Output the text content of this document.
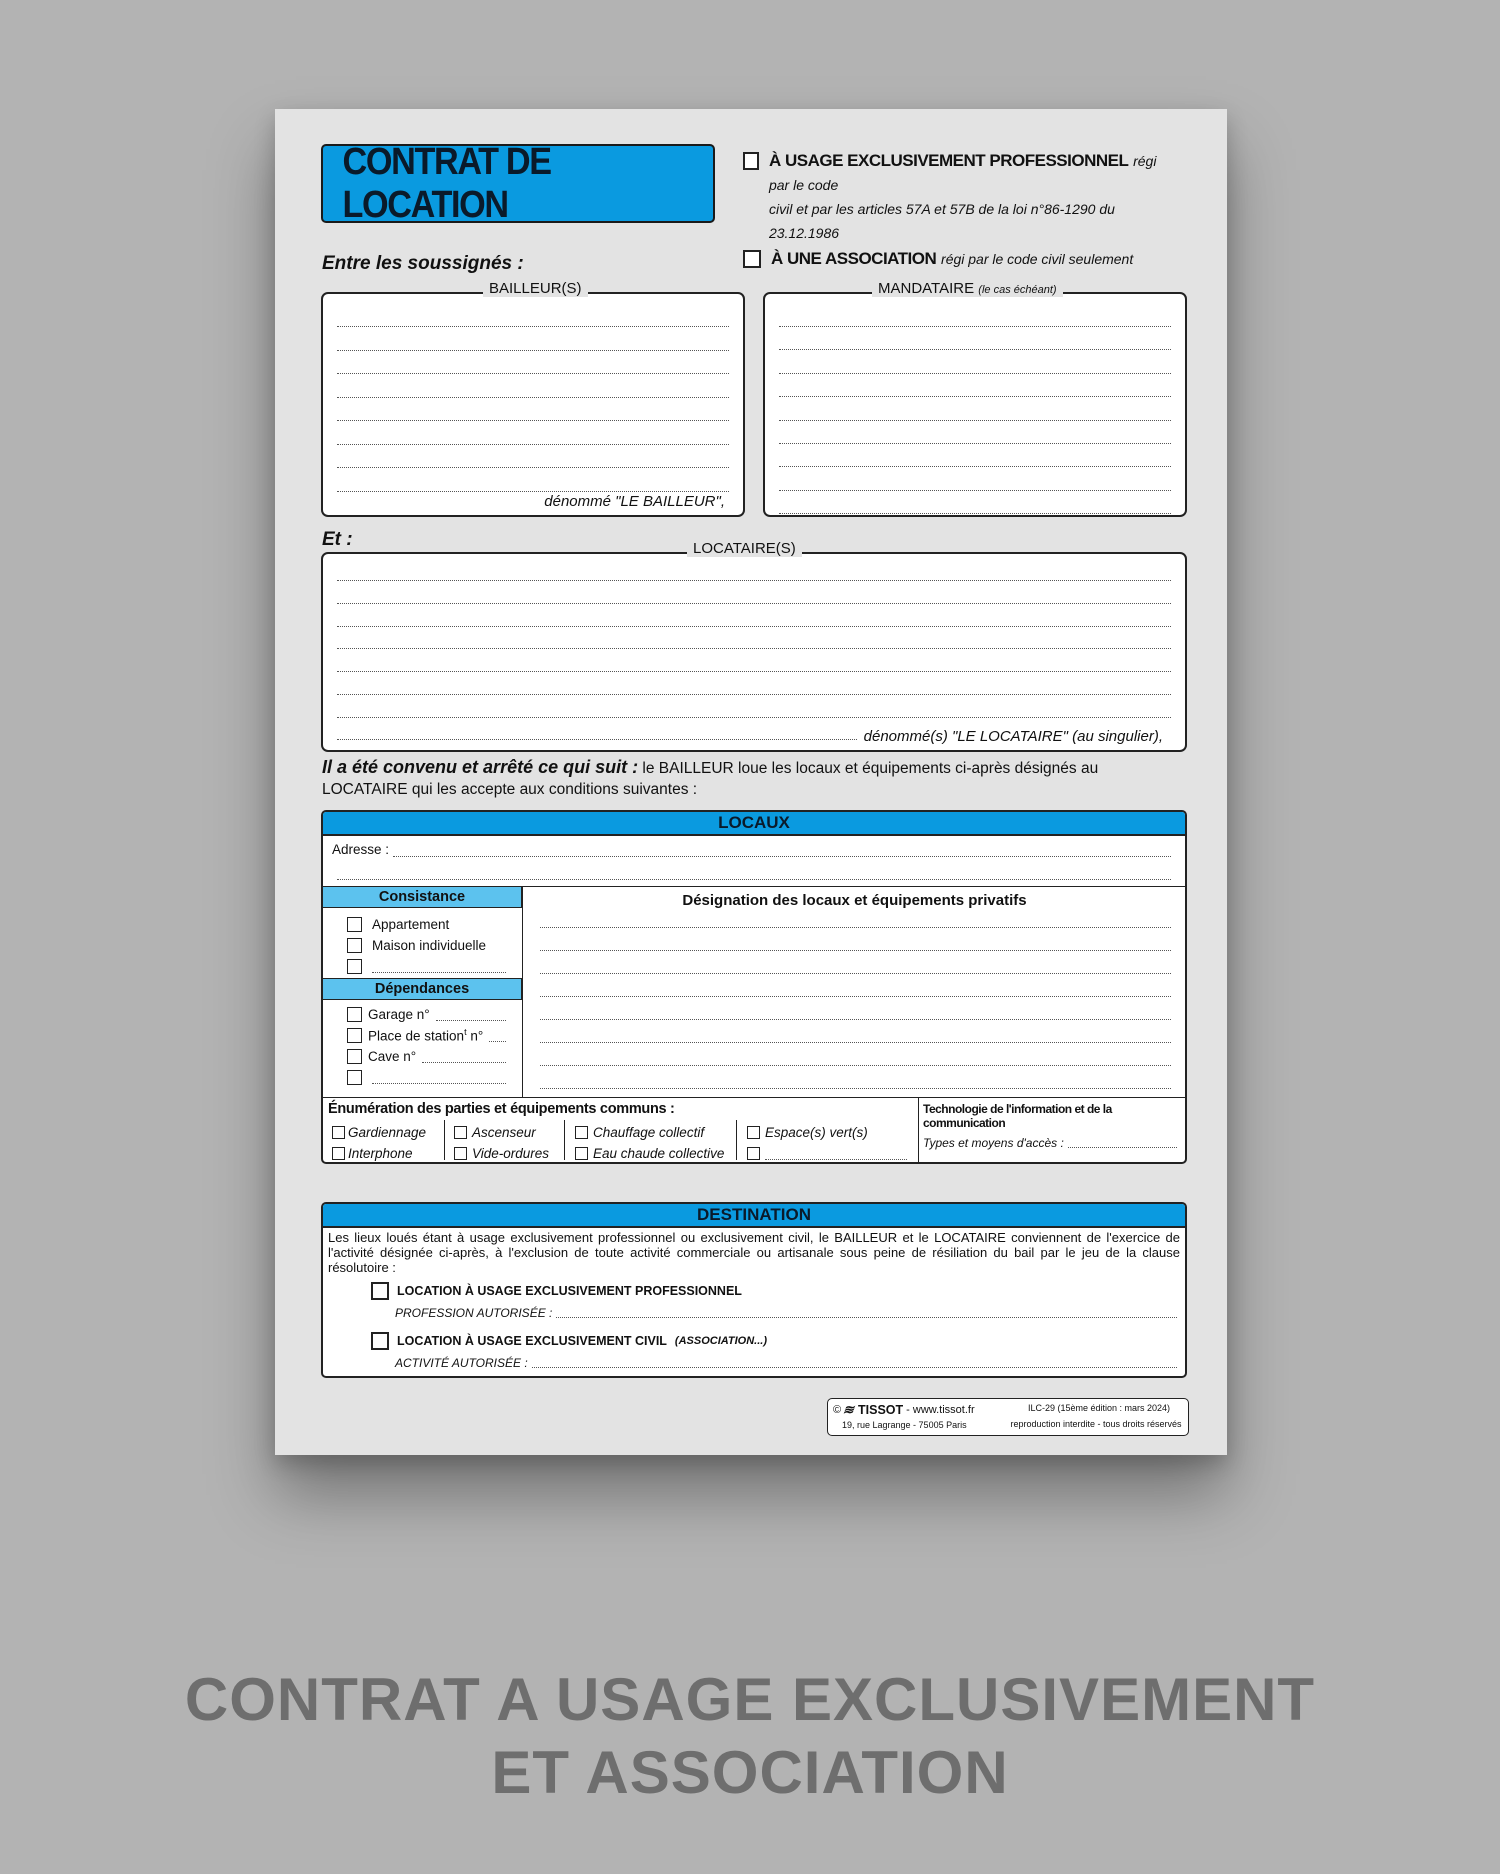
CONTRAT DE LOCATION
À USAGE EXCLUSIVEMENT PROFESSIONNEL régi par le code
civil et par les articles 57A et 57B de la loi n°86-1290 du 23.12.1986
À UNE ASSOCIATION régi par le code civil seulement
Entre les soussignés :
dénommé "LE BAILLEUR",
BAILLEUR(S)	MANDATAIRE (le cas échéant)
Et :
dénommé(s) "LE LOCATAIRE" (au singulier),
LOCATAIRE(S)
Il a été convenu et arrêté ce qui suit : le BAILLEUR loue les locaux et équipements ci-après désignés au LOCATAIRE qui les accepte aux conditions suivantes :
LOCAUX
Adresse :
Consistance
Appartement
Maison individuelle
Dépendances
Garage n°
Place de station$^t$ n°
Cave n°
Désignation des locaux et équipements privatifs
Énumération des parties et équipements communs :
Gardiennage
Interphone
Ascenseur
Vide-ordures
Chauffage collectif
Eau chaude collective
Espace(s) vert(s)
Technologie de l'information et de la communication
Types et moyens d'accès :
DESTINATION
Les lieux loués étant à usage exclusivement professionnel ou exclusivement civil, le BAILLEUR et le LOCATAIRE conviennent de l'exercice de l'activité désignée ci-après, à l'exclusion de toute activité commerciale ou artisanale sous peine de résiliation du bail par le jeu de la clause résolutoire :
LOCATION À USAGE EXCLUSIVEMENT PROFESSIONNEL
PROFESSION AUTORISÉE :
LOCATION À USAGE EXCLUSIVEMENT CIVIL (ASSOCIATION...)
ACTIVITÉ AUTORISÉE :
© ≋ TISSOT - www.tissot.fr
19, rue Lagrange - 75005 Paris
ILC-29 (15ème édition : mars 2024)
reproduction interdite - tous droits réservés
CONTRAT A USAGE EXCLUSIVEMENT
ET ASSOCIATION
